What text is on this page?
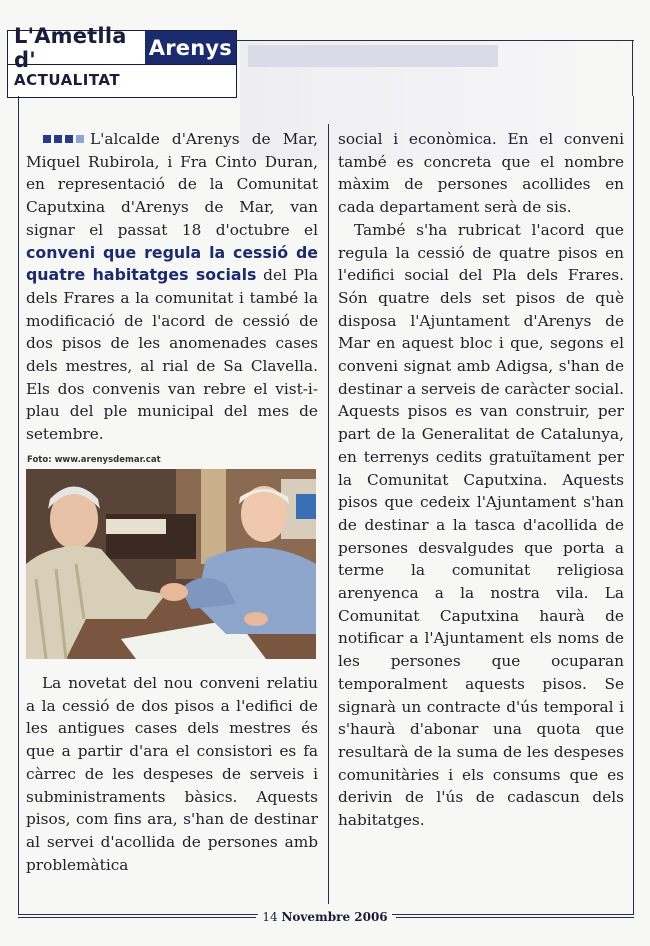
L'Ametlla d'	Arenys
ACTUALITAT

L'alcalde d'Arenys de Mar, Miquel Rubirola, i Fra Cinto Duran, en representació de la Comunitat Caputxina d'Arenys de Mar, van signar el passat 18 d'octubre el conveni que regula la cessió de quatre habitatges socials del Pla dels Frares a la comunitat i també la modificació de l'acord de cessió de dos pisos de les anomenades cases dels mestres, al rial de Sa Clavella. Els dos convenis van rebre el vist-i-plau del ple municipal del mes de setembre.

Foto: www.arenysdemar.cat

La novetat del nou conveni relatiu a la cessió de dos pisos a l'edifici de les antigues cases dels mestres és que a partir d'ara el consistori es fa càrrec de les despeses de serveis i subministraments bàsics. Aquests pisos, com fins ara, s'han de destinar al servei d'acollida de persones amb problemàtica

social i econòmica. En el conveni també es concreta que el nombre màxim de persones acollides en cada departament serà de sis.

També s'ha rubricat l'acord que regula la cessió de quatre pisos en l'edifici social del Pla dels Frares. Són quatre dels set pisos de què disposa l'Ajuntament d'Arenys de Mar en aquest bloc i que, segons el conveni signat amb Adigsa, s'han de destinar a serveis de caràcter social. Aquests pisos es van construir, per part de la Generalitat de Catalunya, en terrenys cedits gratuïtament per la Comunitat Caputxina. Aquests pisos que cedeix l'Ajuntament s'han de destinar a la tasca d'acollida de persones desvalgudes que porta a terme la comunitat religiosa arenyenca a la nostra vila. La Comunitat Caputxina haurà de notificar a l'Ajuntament els noms de les persones que ocuparan temporalment aquests pisos. Se signarà un contracte d'ús temporal i s'haurà d'abonar una quota que resultarà de la suma de les despeses comunitàries i els consums que es derivin de l'ús de cadascun dels habitatges.

14 Novembre 2006
